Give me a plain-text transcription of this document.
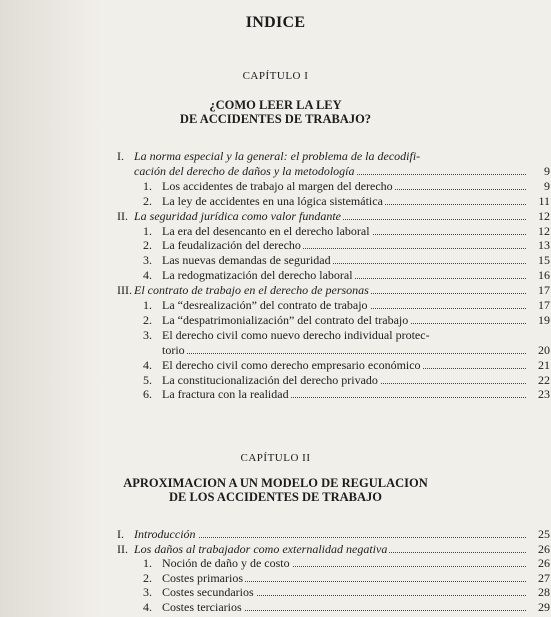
INDICE
CAPÍTULO I
¿COMO LEER LA LEY
DE ACCIDENTES DE TRABAJO?
I. La norma especial y la general: el problema de la decodifi-
cación del derecho de daños y la metodología	9
1. Los accidentes de trabajo al margen del derecho	9
2. La ley de accidentes en una lógica sistemática	11
II. La seguridad jurídica como valor fundante	12
1. La era del desencanto en el derecho laboral	12
2. La feudalización del derecho	13
3. Las nuevas demandas de seguridad	15
4. La redogmatización del derecho laboral	16
III. El contrato de trabajo en el derecho de personas	17
1. La “desrealización” del contrato de trabajo	17
2. La “despatrimonialización” del contrato del trabajo	19
3. El derecho civil como nuevo derecho individual protec-
torio	20
4. El derecho civil como derecho empresario económico	21
5. La constitucionalización del derecho privado	22
6. La fractura con la realidad	23
CAPÍTULO II
APROXIMACION A UN MODELO DE REGULACION
DE LOS ACCIDENTES DE TRABAJO
I. Introducción	25
II. Los daños al trabajador como externalidad negativa	26
1. Noción de daño y de costo	26
2. Costes primarios	27
3. Costes secundarios	28
4. Costes terciarios	29
